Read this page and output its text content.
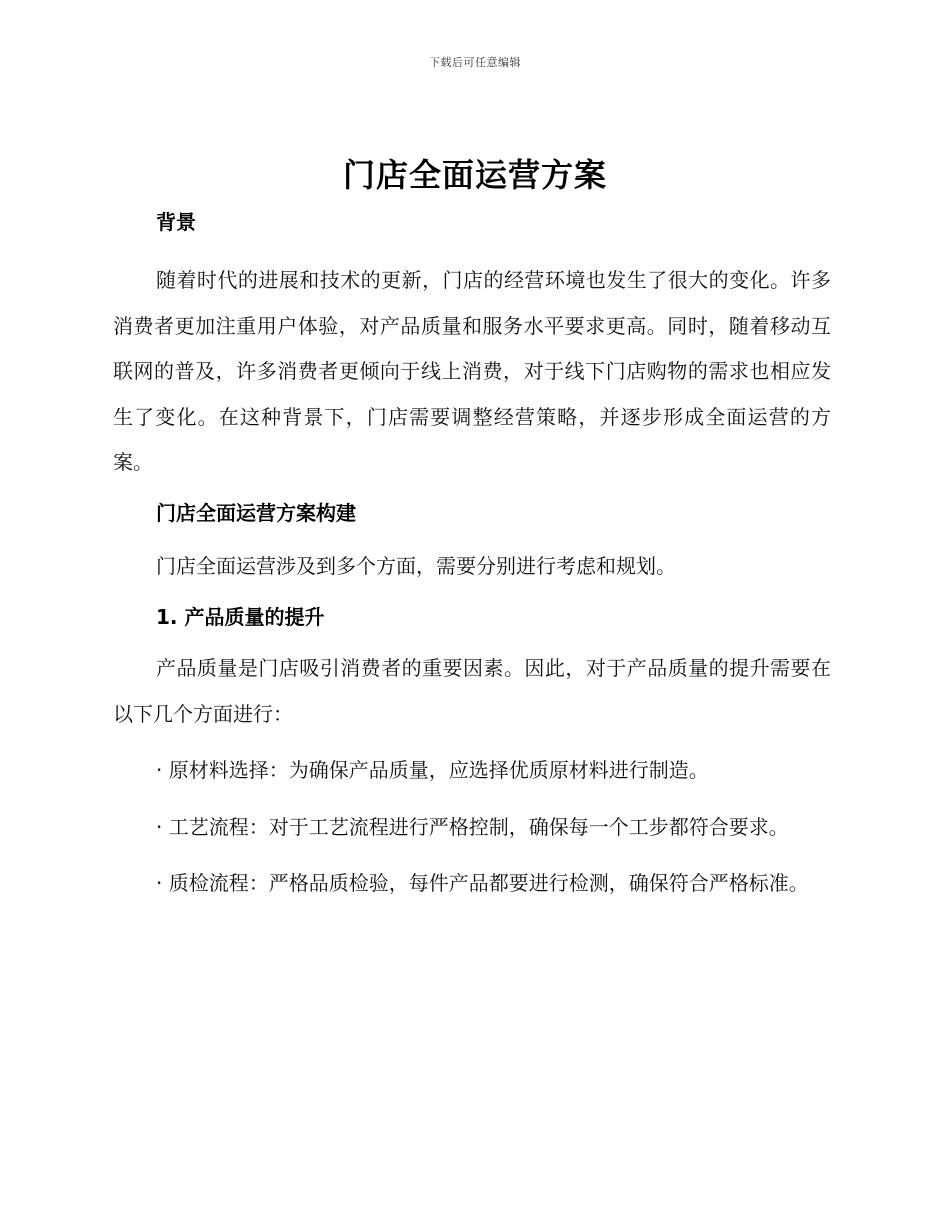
下载后可任意编辑
门店全面运营方案

背景

随着时代的进展和技术的更新，门店的经营环境也发生了很大的变化。许多消费者更加注重用户体验，对产品质量和服务水平要求更高。同时，随着移动互联网的普及，许多消费者更倾向于线上消费，对于线下门店购物的需求也相应发生了变化。在这种背景下，门店需要调整经营策略，并逐步形成全面运营的方案。

门店全面运营方案构建

门店全面运营涉及到多个方面，需要分别进行考虑和规划。

1. 产品质量的提升

产品质量是门店吸引消费者的重要因素。因此，对于产品质量的提升需要在以下几个方面进行：

· 原材料选择：为确保产品质量，应选择优质原材料进行制造。

· 工艺流程：对于工艺流程进行严格控制，确保每一个工步都符合要求。

· 质检流程：严格品质检验，每件产品都要进行检测，确保符合严格标准。
